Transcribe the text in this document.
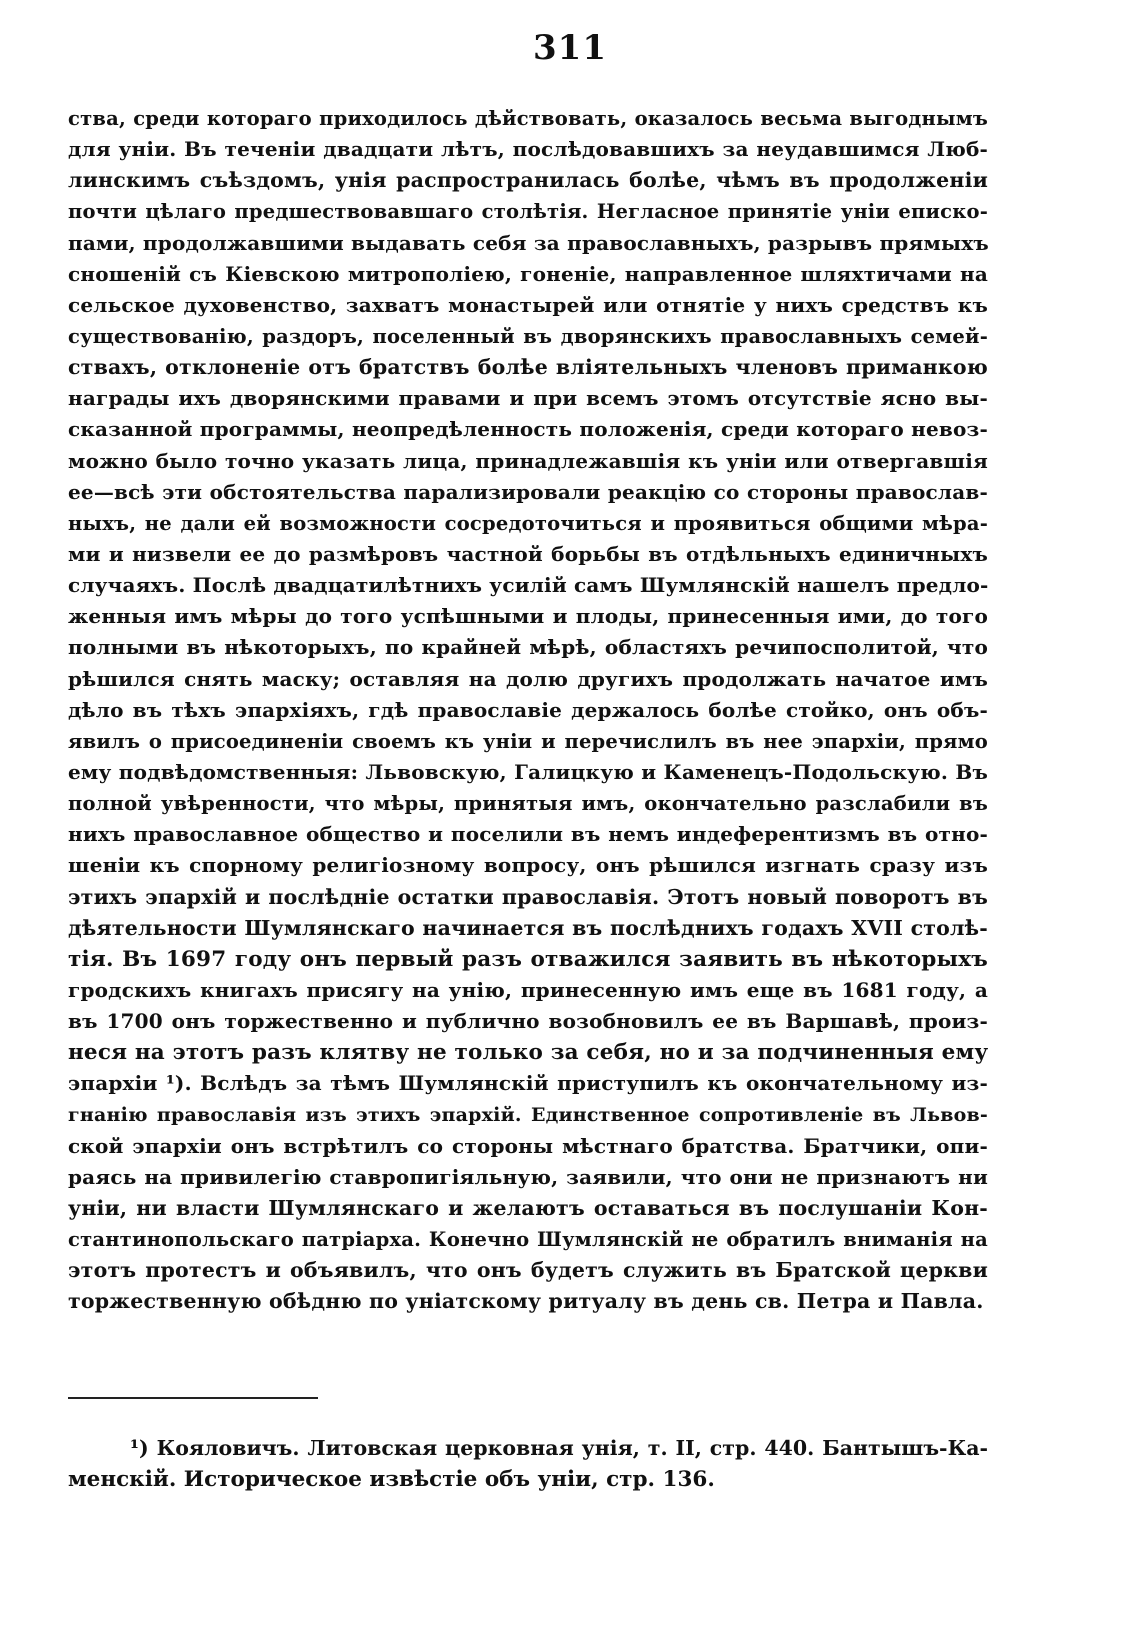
311
ства, среди котораго приходилось дѣйствовать, оказалось весьма выгоднымъ
для уніи. Въ теченіи двадцати лѣтъ, послѣдовавшихъ за неудавшимся Люб-
линскимъ съѣздомъ, унія распространилась болѣе, чѣмъ въ продолженіи
почти цѣлаго предшествовавшаго столѣтія. Негласное принятіе уніи еписко-
пами, продолжавшими выдавать себя за православныхъ, разрывъ прямыхъ
сношеній съ Кіевскою митрополіею, гоненіе, направленное шляхтичами на
сельское духовенство, захватъ монастырей или отнятіе у нихъ средствъ къ
существованію, раздоръ, поселенный въ дворянскихъ православныхъ семей-
ствахъ, отклоненіе отъ братствъ болѣе вліятельныхъ членовъ приманкою
награды ихъ дворянскими правами и при всемъ этомъ отсутствіе ясно вы-
сказанной программы, неопредѣленность положенія, среди котораго невоз-
можно было точно указать лица, принадлежавшія къ уніи или отвергавшія
ее—всѣ эти обстоятельства парализировали реакцію со стороны православ-
ныхъ, не дали ей возможности сосредоточиться и проявиться общими мѣра-
ми и низвели ее до размѣровъ частной борьбы въ отдѣльныхъ единичныхъ
случаяхъ. Послѣ двадцатилѣтнихъ усилій самъ Шумлянскій нашелъ предло-
женныя имъ мѣры до того успѣшными и плоды, принесенныя ими, до того
полными въ нѣкоторыхъ, по крайней мѣрѣ, областяхъ речипосполитой, что
рѣшился снять маску; оставляя на долю другихъ продолжать начатое имъ
дѣло въ тѣхъ эпархіяхъ, гдѣ православіе держалось болѣе стойко, онъ объ-
явилъ о присоединеніи своемъ къ уніи и перечислилъ въ нее эпархіи, прямо
ему подвѣдомственныя: Львовскую, Галицкую и Каменецъ-Подольскую. Въ
полной увѣренности, что мѣры, принятыя имъ, окончательно разслабили въ
нихъ православное общество и поселили въ немъ индеферентизмъ въ отно-
шеніи къ спорному религіозному вопросу, онъ рѣшился изгнать сразу изъ
этихъ эпархій и послѣдніе остатки православія. Этотъ новый поворотъ въ
дѣятельности Шумлянскаго начинается въ послѣднихъ годахъ XVII столѣ-
тія. Въ 1697 году онъ первый разъ отважился заявить въ нѣкоторыхъ
гродскихъ книгахъ присягу на унію, принесенную имъ еще въ 1681 году, а
въ 1700 онъ торжественно и публично возобновилъ ее въ Варшавѣ, произ-
неся на этотъ разъ клятву не только за себя, но и за подчиненныя ему
эпархіи ¹). Вслѣдъ за тѣмъ Шумлянскій приступилъ къ окончательному из-
гнанію православія изъ этихъ эпархій. Единственное сопротивленіе въ Львов-
ской эпархіи онъ встрѣтилъ со стороны мѣстнаго братства. Братчики, опи-
раясь на привилегію ставропигіяльную, заявили, что они не признаютъ ни
уніи, ни власти Шумлянскаго и желаютъ оставаться въ послушаніи Кон-
стантинопольскаго патріарха. Конечно Шумлянскій не обратилъ вниманія на
этотъ протестъ и объявилъ, что онъ будетъ служить въ Братской церкви
торжественную обѣдню по уніатскому ритуалу въ день св. Петра и Павла.
¹) Кояловичъ. Литовская церковная унія, т. II, стр. 440. Бантышъ-Ка-
менскій. Историческое извѣстіе объ уніи, стр. 136.
